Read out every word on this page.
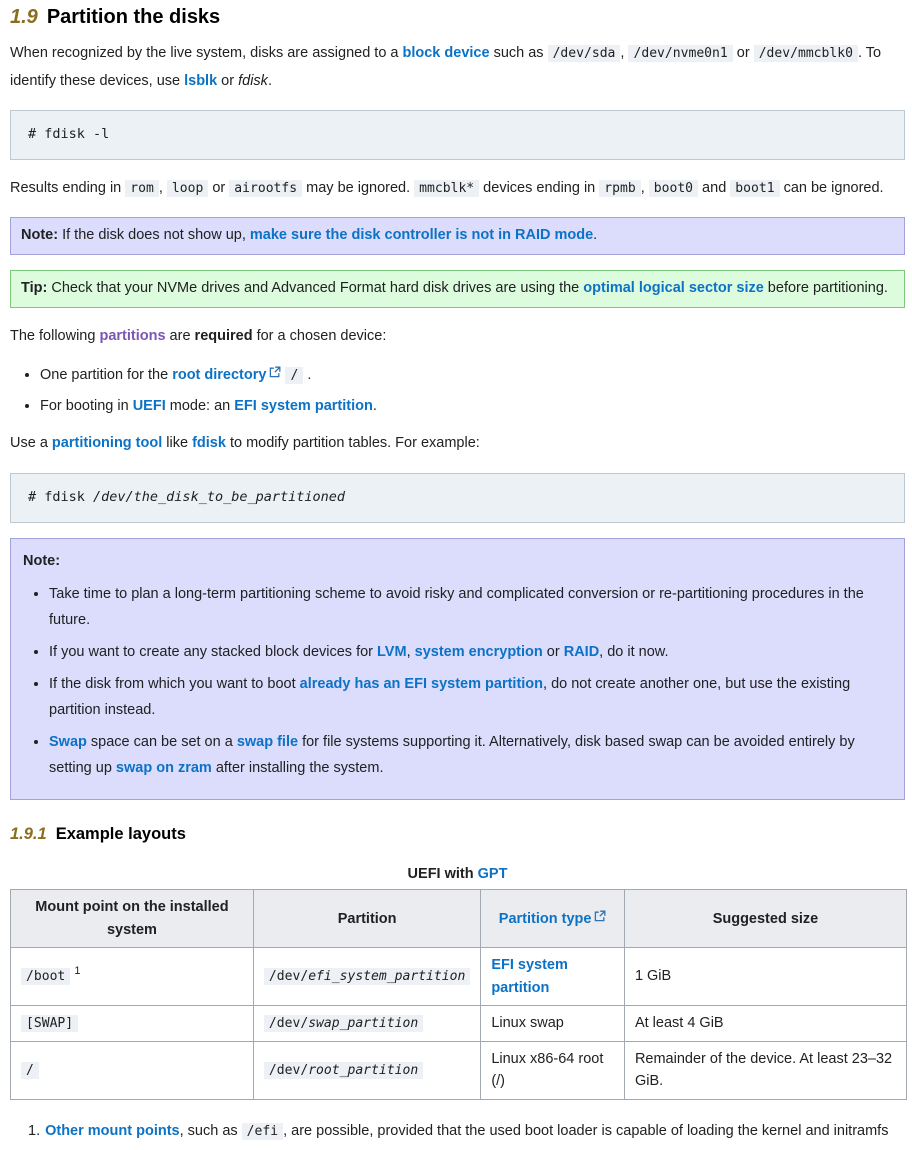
1.9 Partition the disks

When recognized by the live system, disks are assigned to a block device such as /dev/sda , /dev/nvme0n1 or /dev/mmcblk0 . To identify these devices, use lsblk or fdisk.

# fdisk -l

Results ending in rom , loop or airootfs may be ignored. mmcblk* devices ending in rpmb , boot0 and boot1 can be ignored.

Note: If the disk does not show up, make sure the disk controller is not in RAID mode.
Tip: Check that your NVMe drives and Advanced Format hard disk drives are using the optimal logical sector size before partitioning.

The following partitions are required for a chosen device:

• One partition for the root directory / .
• For booting in UEFI mode: an EFI system partition.

Use a partitioning tool like fdisk to modify partition tables. For example:

# fdisk /dev/the_disk_to_be_partitioned
Note:
• Take time to plan a long-term partitioning scheme to avoid risky and complicated conversion or re-partitioning procedures in the future.
• If you want to create any stacked block devices for LVM, system encryption or RAID, do it now.
• If the disk from which you want to boot already has an EFI system partition, do not create another one, but use the existing partition instead.
• Swap space can be set on a swap file for file systems supporting it. Alternatively, disk based swap can be avoided entirely by setting up swap on zram after installing the system.
1.9.1 Example layouts
UEFI with GPT
Mount point on the installed system	Partition	Partition type	Suggested size
/boot $^1$	/dev/efi_system_partition	EFI system partition	1 GiB
[SWAP]	/dev/swap_partition	Linux swap	At least 4 GiB
/	/dev/root_partition	Linux x86-64 root (/)	Remainder of the device. At least 23–32 GiB.
1. Other mount points, such as /efi , are possible, provided that the used boot loader is capable of loading the kernel and initramfs
